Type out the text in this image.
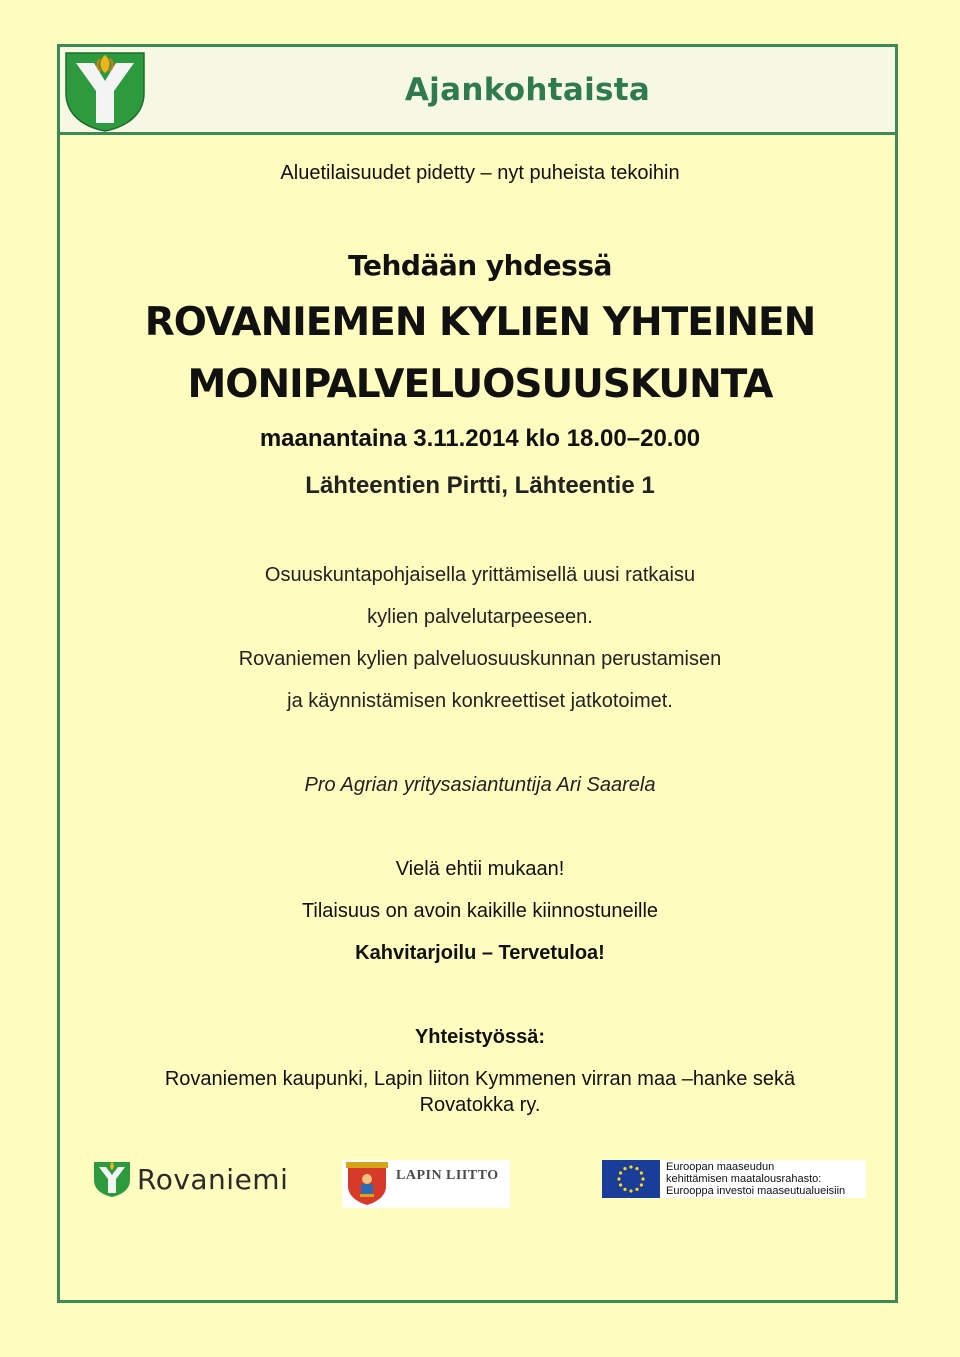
Ajankohtaista
Aluetilaisuudet pidetty – nyt puheista tekoihin
Tehdään yhdessä
ROVANIEMEN KYLIEN YHTEINEN
MONIPALVELUOSUUSKUNTA
maanantaina 3.11.2014 klo 18.00–20.00
Lähteentien Pirtti, Lähteentie 1
Osuuskuntapohjaisella yrittämisellä uusi ratkaisu
kylien palvelutarpeeseen.
Rovaniemen kylien palveluosuuskunnan perustamisen
ja käynnistämisen konkreettiset jatkotoimet.
Pro Agrian yritysasiantuntija Ari Saarela
Vielä ehtii mukaan!
Tilaisuus on avoin kaikille kiinnostuneille
Kahvitarjoilu – Tervetuloa!
Yhteistyössä:
Rovaniemen kaupunki, Lapin liiton Kymmenen virran maa –hanke sekä
Rovatokka ry.
Rovaniemi	LAPIN LIITTO
Euroopan maaseudun
kehittämisen maatalousrahasto:
Eurooppa investoi maaseutualueisiin
